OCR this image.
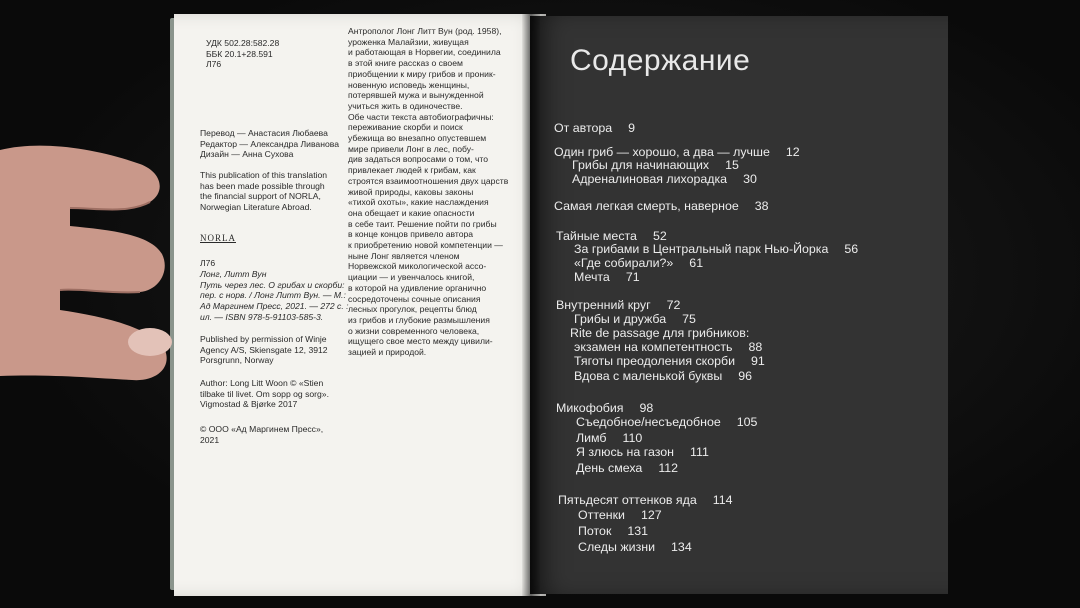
УДК 502.28:582.28
ББК 20.1+28.591
Л76
Перевод — Анастасия Любаева
Редактор — Александра Ливанова
Дизайн — Анна Сухова
This publication of this translation
has been made possible through
the financial support of NORLA,
Norwegian Literature Abroad.
NORLA
Л76
Лонг, Литт Вун
Путь через лес. О грибах и скорби:
пер. с норв. / Лонг Литт Вун. — М.:
Ад Маргинем Пресс, 2021. — 272 с. :
ил. — ISBN 978-5-91103-585-3.
Published by permission of Winje
Agency A/S, Skiensgate 12, 3912
Porsgrunn, Norway
Author: Long Litt Woon © «Stien
tilbake til livet. Om sopp og sorg».
Vigmostad & Bjørke 2017
© ООО «Ад Маргинем Пресс»,
2021
Антрополог Лонг Литт Вун (род. 1958),
уроженка Малайзии, живущая
и работающая в Норвегии, соединила
в этой книге рассказ о своем
приобщении к миру грибов и проник-
новенную исповедь женщины,
потерявшей мужа и вынужденной
учиться жить в одиночестве.
Обе части текста автобиографичны:
переживание скорби и поиск
убежища во внезапно опустевшем
мире привели Лонг в лес, побу-
див задаться вопросами о том, что
привлекает людей к грибам, как
строятся взаимоотношения двух царств
живой природы, каковы законы
«тихой охоты», какие наслаждения
она обещает и какие опасности
в себе таит. Решение пойти по грибы
в конце концов привело автора
к приобретению новой компетенции —
ныне Лонг является членом
Норвежской микологической ассо-
циации — и увенчалось книгой,
в которой на удивление органично
сосредоточены сочные описания
лесных прогулок, рецепты блюд
из грибов и глубокие размышления
о жизни современного человека,
ищущего свое место между цивили-
зацией и природой.
Содержание
От автора 9
Один гриб — хорошо, а два — лучше 12
Грибы для начинающих 15
Адреналиновая лихорадка 30
Самая легкая смерть, наверное 38
Тайные места 52
За грибами в Центральный парк Нью-Йорка 56
«Где собирали?» 61
Мечта 71
Внутренний круг 72
Грибы и дружба 75
Rite de passage для грибников:
экзамен на компетентность 88
Тяготы преодоления скорби 91
Вдова с маленькой буквы 96
Микофобия 98
Съедобное/несъедобное 105
Лимб 110
Я злюсь на газон 111
День смеха 112
Пятьдесят оттенков яда 114
Оттенки 127
Поток 131
Следы жизни 134
